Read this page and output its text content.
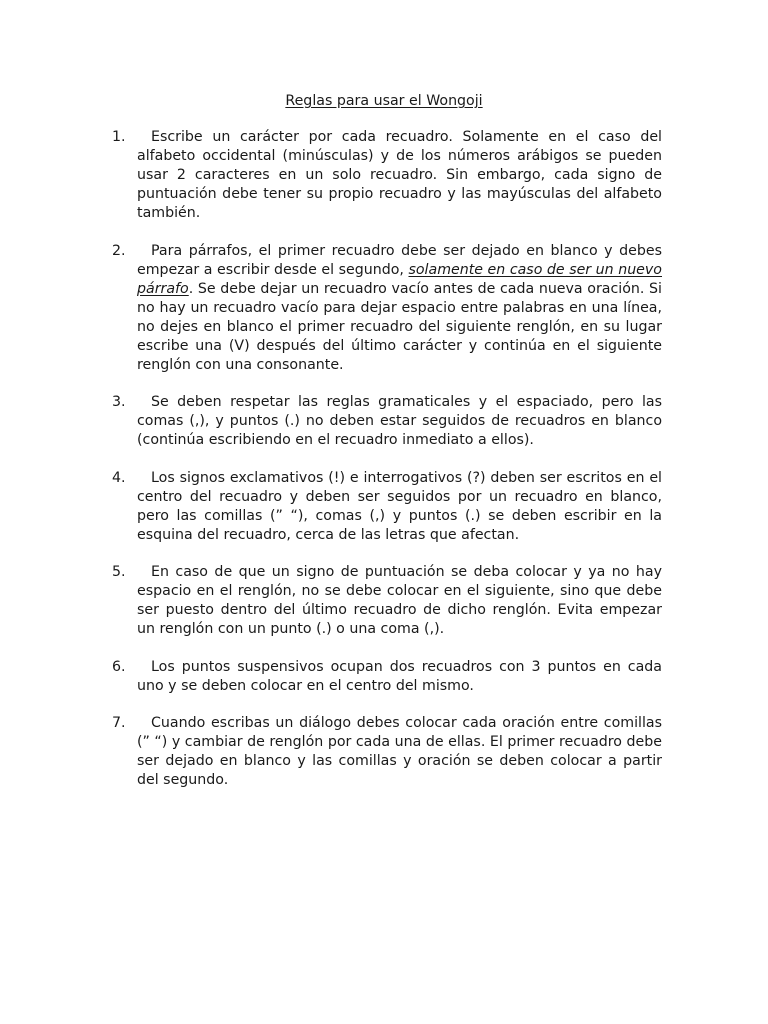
Reglas para usar el Wongoji
1.	Escribe un carácter por cada recuadro. Solamente en el caso del alfabeto occidental (minúsculas) y de los números arábigos se pueden usar 2 caracteres en un solo recuadro. Sin embargo, cada signo de puntuación debe tener su propio recuadro y las mayúsculas del alfabeto también.
2.	Para párrafos, el primer recuadro debe ser dejado en blanco y debes empezar a escribir desde el segundo, solamente en caso de ser un nuevo párrafo. Se debe dejar un recuadro vacío antes de cada nueva oración. Si no hay un recuadro vacío para dejar espacio entre palabras en una línea, no dejes en blanco el primer recuadro del siguiente renglón, en su lugar escribe una (V) después del último carácter y continúa en el siguiente renglón con una consonante.
3.	Se deben respetar las reglas gramaticales y el espaciado, pero las comas (,), y puntos (.) no deben estar seguidos de recuadros en blanco (continúa escribiendo en el recuadro inmediato a ellos).
4.	Los signos exclamativos (!) e interrogativos (?) deben ser escritos en el centro del recuadro y deben ser seguidos por un recuadro en blanco, pero las comillas (” “), comas (,) y puntos (.) se deben escribir en la esquina del recuadro, cerca de las letras que afectan.
5.	En caso de que un signo de puntuación se deba colocar y ya no hay espacio en el renglón, no se debe colocar en el siguiente, sino que debe ser puesto dentro del último recuadro de dicho renglón. Evita empezar un renglón con un punto (.) o una coma (,).
6.	Los puntos suspensivos ocupan dos recuadros con 3 puntos en cada uno y se deben colocar en el centro del mismo.
7.	Cuando escribas un diálogo debes colocar cada oración entre comillas (” “) y cambiar de renglón por cada una de ellas. El primer recuadro debe ser dejado en blanco y las comillas y oración se deben colocar a partir del segundo.
